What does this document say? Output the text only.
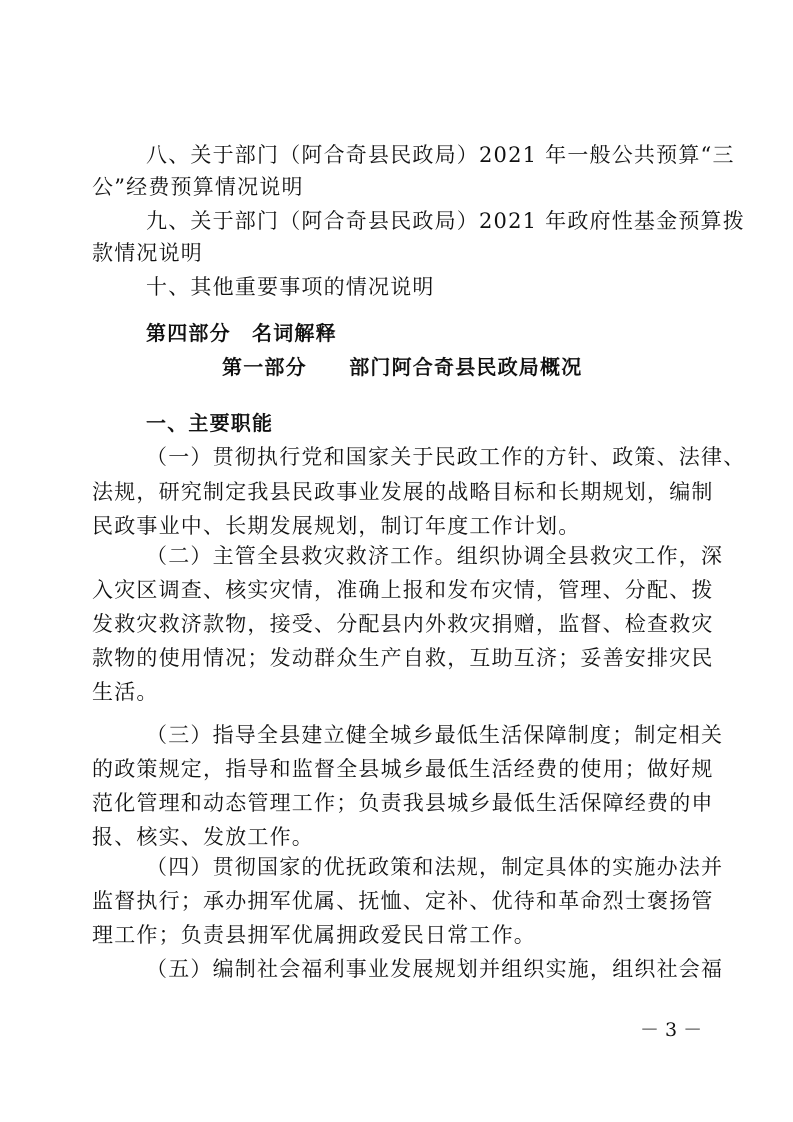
八、关于部门（阿合奇县民政局）2021 年一般公共预算“三
公”经费预算情况说明
九、关于部门（阿合奇县民政局）2021 年政府性基金预算拨
款情况说明
十、其他重要事项的情况说明
第四部分　名词解释
第一部分　　部门阿合奇县民政局概况
一、主要职能
（一）贯彻执行党和国家关于民政工作的方针、政策、法律、
法规，研究制定我县民政事业发展的战略目标和长期规划，编制
民政事业中、长期发展规划，制订年度工作计划。
（二）主管全县救灾救济工作。组织协调全县救灾工作，深
入灾区调查、核实灾情，准确上报和发布灾情，管理、分配、拨
发救灾救济款物，接受、分配县内外救灾捐赠，监督、检查救灾
款物的使用情况；发动群众生产自救，互助互济；妥善安排灾民
生活。
（三）指导全县建立健全城乡最低生活保障制度；制定相关
的政策规定，指导和监督全县城乡最低生活经费的使用；做好规
范化管理和动态管理工作；负责我县城乡最低生活保障经费的申
报、核实、发放工作。
（四）贯彻国家的优抚政策和法规，制定具体的实施办法并
监督执行；承办拥军优属、抚恤、定补、优待和革命烈士褒扬管
理工作；负责县拥军优属拥政爱民日常工作。
（五）编制社会福利事业发展规划并组织实施，组织社会福
－ 3 －
